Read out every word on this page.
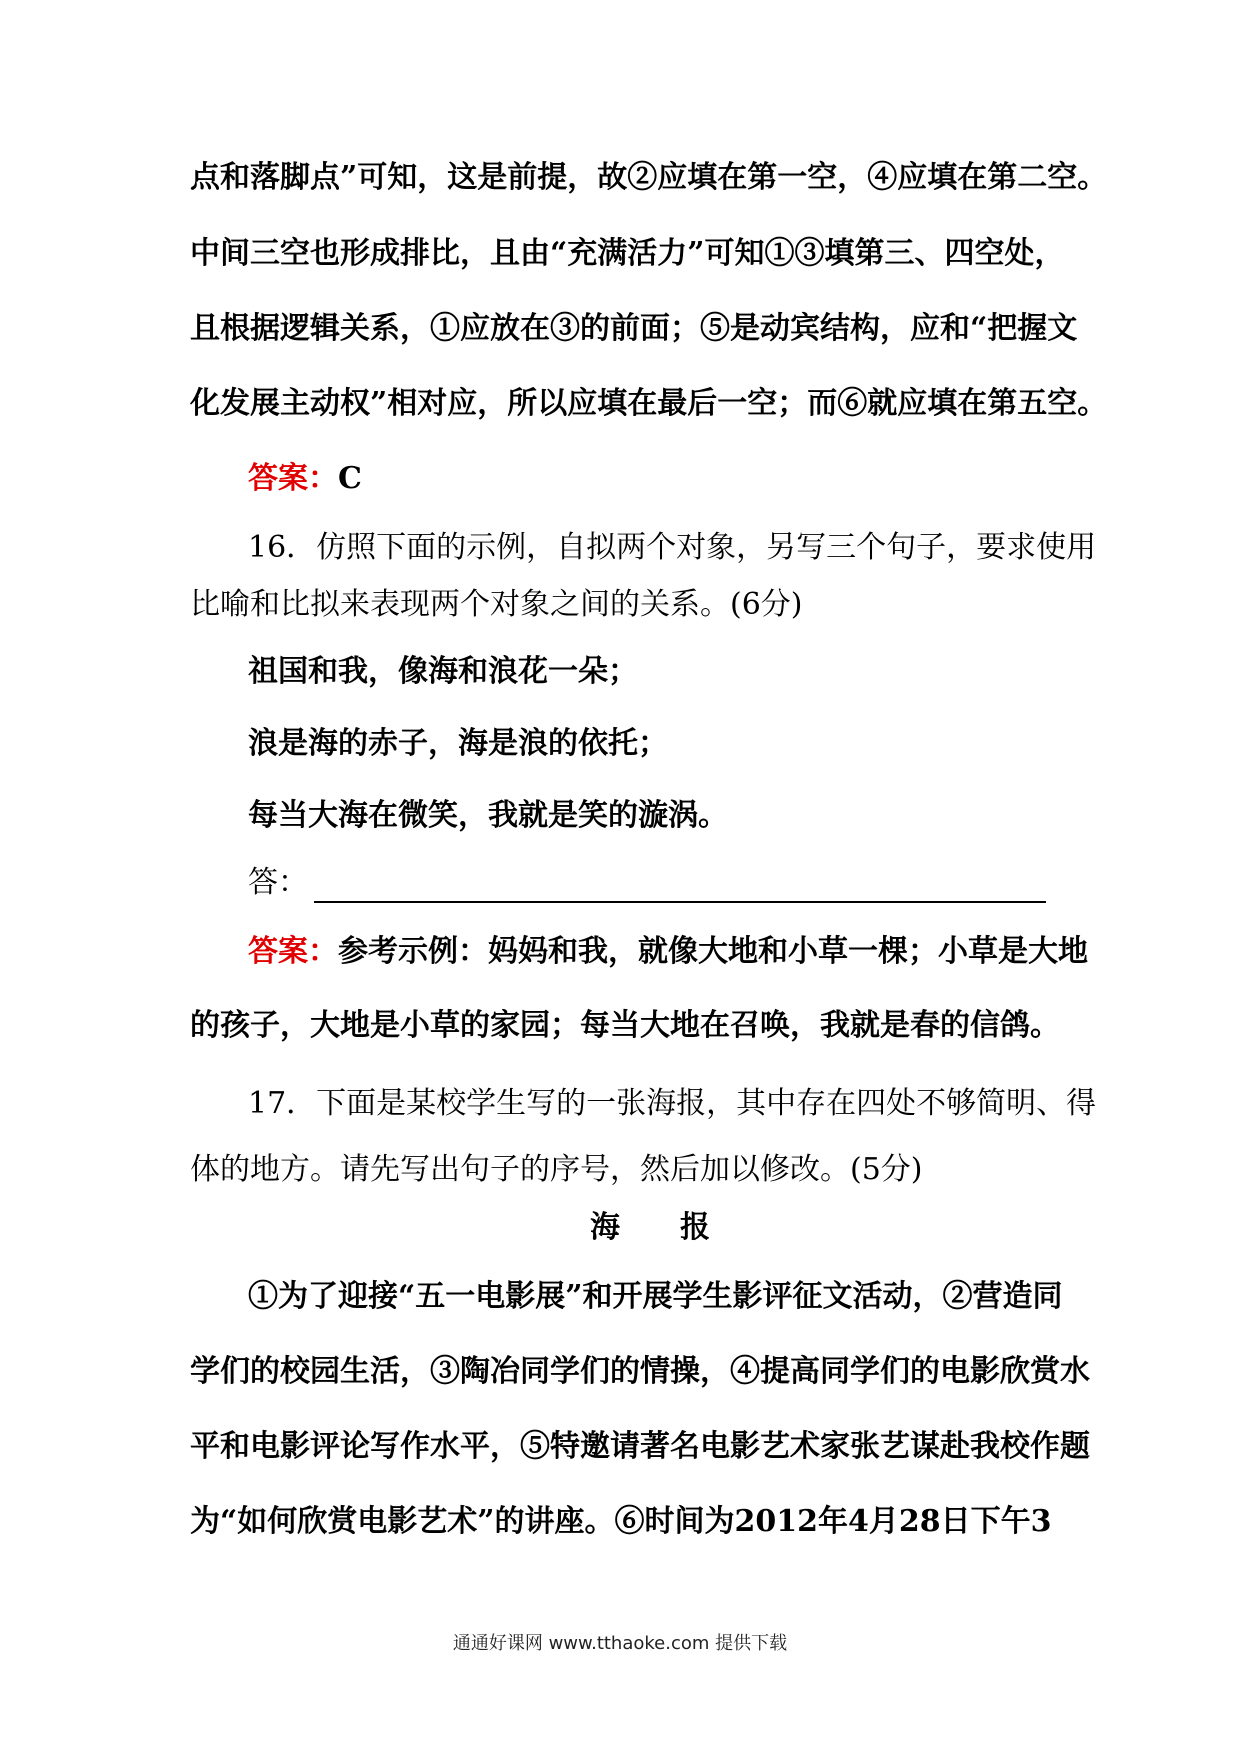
点和落脚点”可知，这是前提，故②应填在第一空，④应填在第二空。
中间三空也形成排比，且由“充满活力”可知①③填第三、四空处，
且根据逻辑关系，①应放在③的前面；⑤是动宾结构，应和“把握文
化发展主动权”相对应，所以应填在最后一空；而⑥就应填在第五空。
答案：C
16．仿照下面的示例，自拟两个对象，另写三个句子，要求使用
比喻和比拟来表现两个对象之间的关系。(6分)
祖国和我，像海和浪花一朵；
浪是海的赤子，海是浪的依托；
每当大海在微笑，我就是笑的漩涡。
答：
答案：参考示例：妈妈和我，就像大地和小草一棵；小草是大地
的孩子，大地是小草的家园；每当大地在召唤，我就是春的信鸽。
17．下面是某校学生写的一张海报，其中存在四处不够简明、得
体的地方。请先写出句子的序号，然后加以修改。(5分)
海　　报
①为了迎接“五一电影展”和开展学生影评征文活动，②营造同
学们的校园生活，③陶冶同学们的情操，④提高同学们的电影欣赏水
平和电影评论写作水平，⑤特邀请著名电影艺术家张艺谋赴我校作题
为“如何欣赏电影艺术”的讲座。⑥时间为2012年4月28日下午3
通通好课网 www.tthaoke.com 提供下载
